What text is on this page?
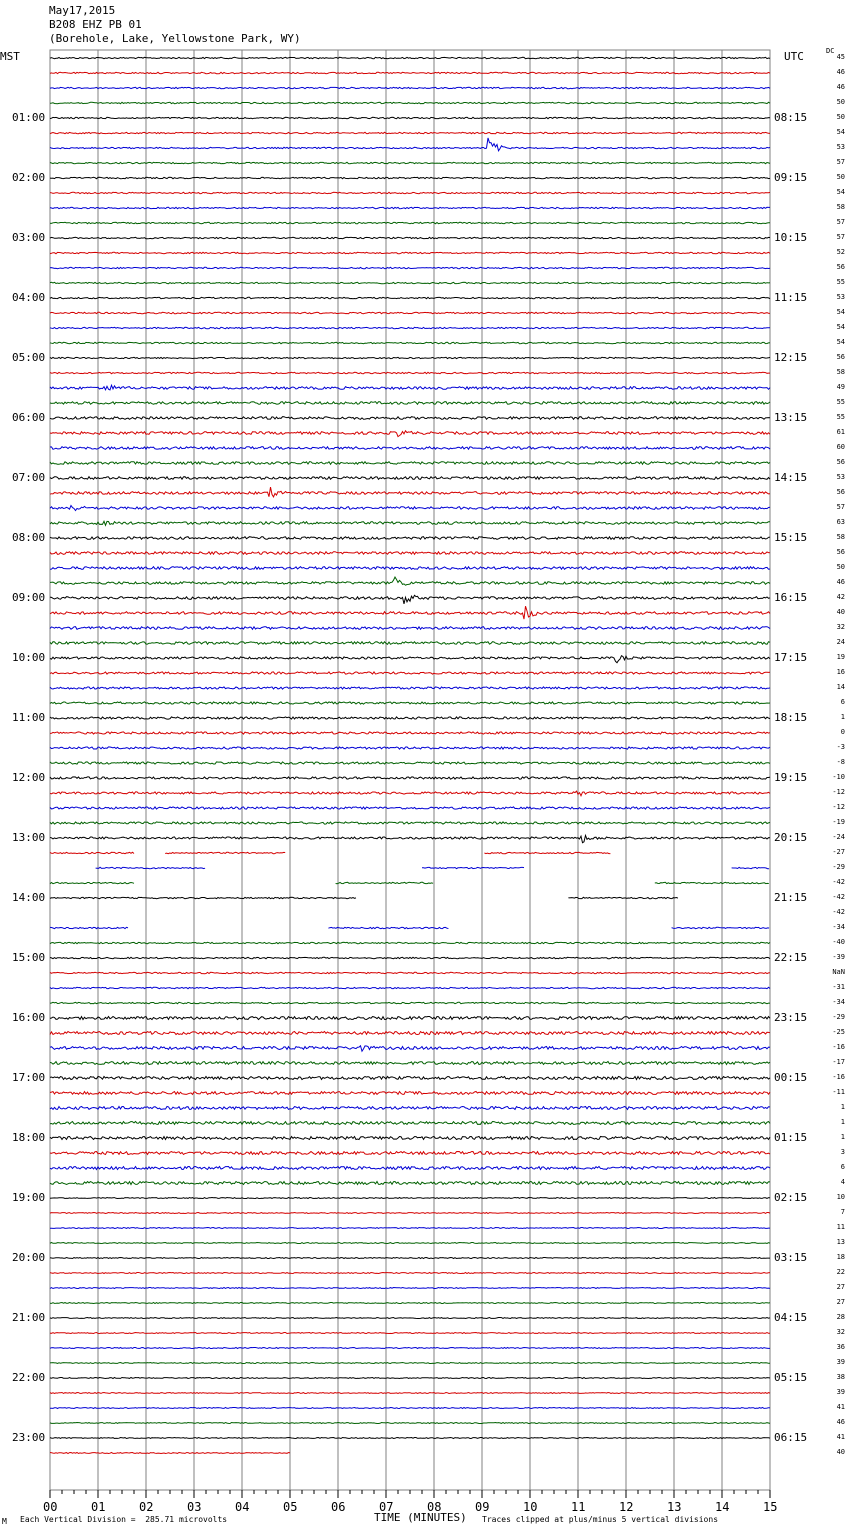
May17,2015
B208 EHZ PB 01
(Borehole, Lake, Yellowstone Park, WY)
MST	UTC	DC
01:00
02:00
03:00
04:00
05:00
06:00
07:00
08:00
09:00
10:00
11:00
12:00
13:00
14:00
15:00
16:00
17:00
18:00
19:00
20:00
21:00
22:00
23:00
08:15
09:15
10:15
11:15
12:15
13:15
14:15
15:15
16:15
17:15
18:15
19:15
20:15
21:15
22:15
23:15
00:15
01:15
02:15
03:15
04:15
05:15
06:15
45
46
46
50
50
54
53
57
50
54
58
57
57
52
56
55
53
54
54
54
56
58
49
55
55
61
60
56
53
56
57
63
58
56
50
46
42
40
32
24
19
16
14
6
1
0
-3
-8
-10
-12
-12
-19
-24
-27
-29
-42
-42
-42
-34
-40
-39
NaN
-31
-34
-29
-25
-16
-17
-16
-11
1
1
1
3
6
4
10
7
11
13
18
22
27
27
28
32
36
39
38
39
41
46
41
40
00	01	02	03	04	05	06	07	08	09	10	11	12	13	14	15
M Each Vertical Division =  285.71 microvolts	TIME (MINUTES) Traces clipped at plus/minus 5 vertical divisions
